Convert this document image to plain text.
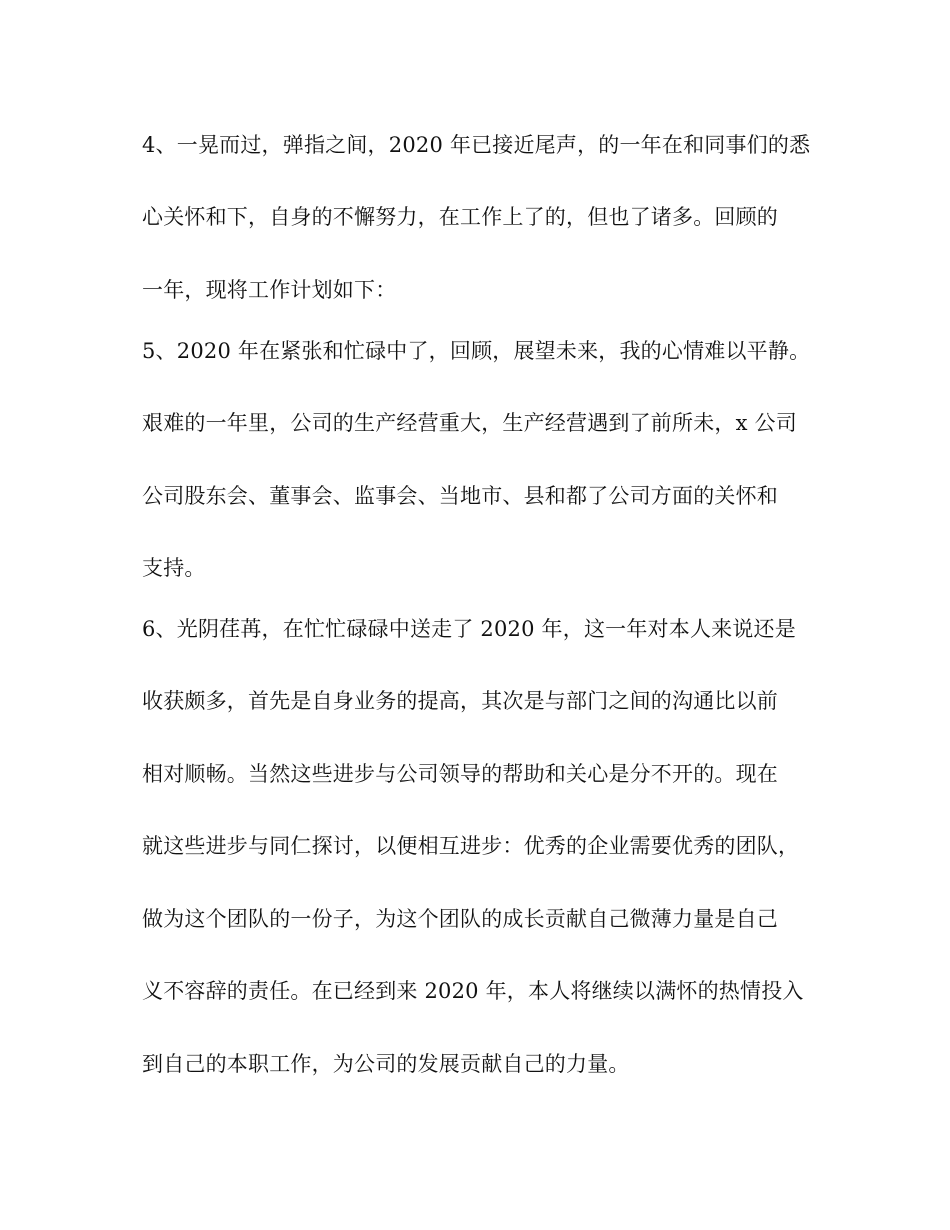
4、一晃而过，弹指之间，2020 年已接近尾声，的一年在和同事们的悉

心关怀和下，自身的不懈努力，在工作上了的，但也了诸多。回顾的

一年，现将工作计划如下：

5、2020 年在紧张和忙碌中了，回顾，展望未来，我的心情难以平静。

艰难的一年里，公司的生产经营重大，生产经营遇到了前所未，x 公司

公司股东会、董事会、监事会、当地市、县和都了公司方面的关怀和

支持。

6、光阴荏苒，在忙忙碌碌中送走了 2020 年，这一年对本人来说还是

收获颇多，首先是自身业务的提高，其次是与部门之间的沟通比以前

相对顺畅。当然这些进步与公司领导的帮助和关心是分不开的。现在

就这些进步与同仁探讨，以便相互进步：优秀的企业需要优秀的团队，

做为这个团队的一份子，为这个团队的成长贡献自己微薄力量是自己

义不容辞的责任。在已经到来 2020 年，本人将继续以满怀的热情投入

到自己的本职工作，为公司的发展贡献自己的力量。
